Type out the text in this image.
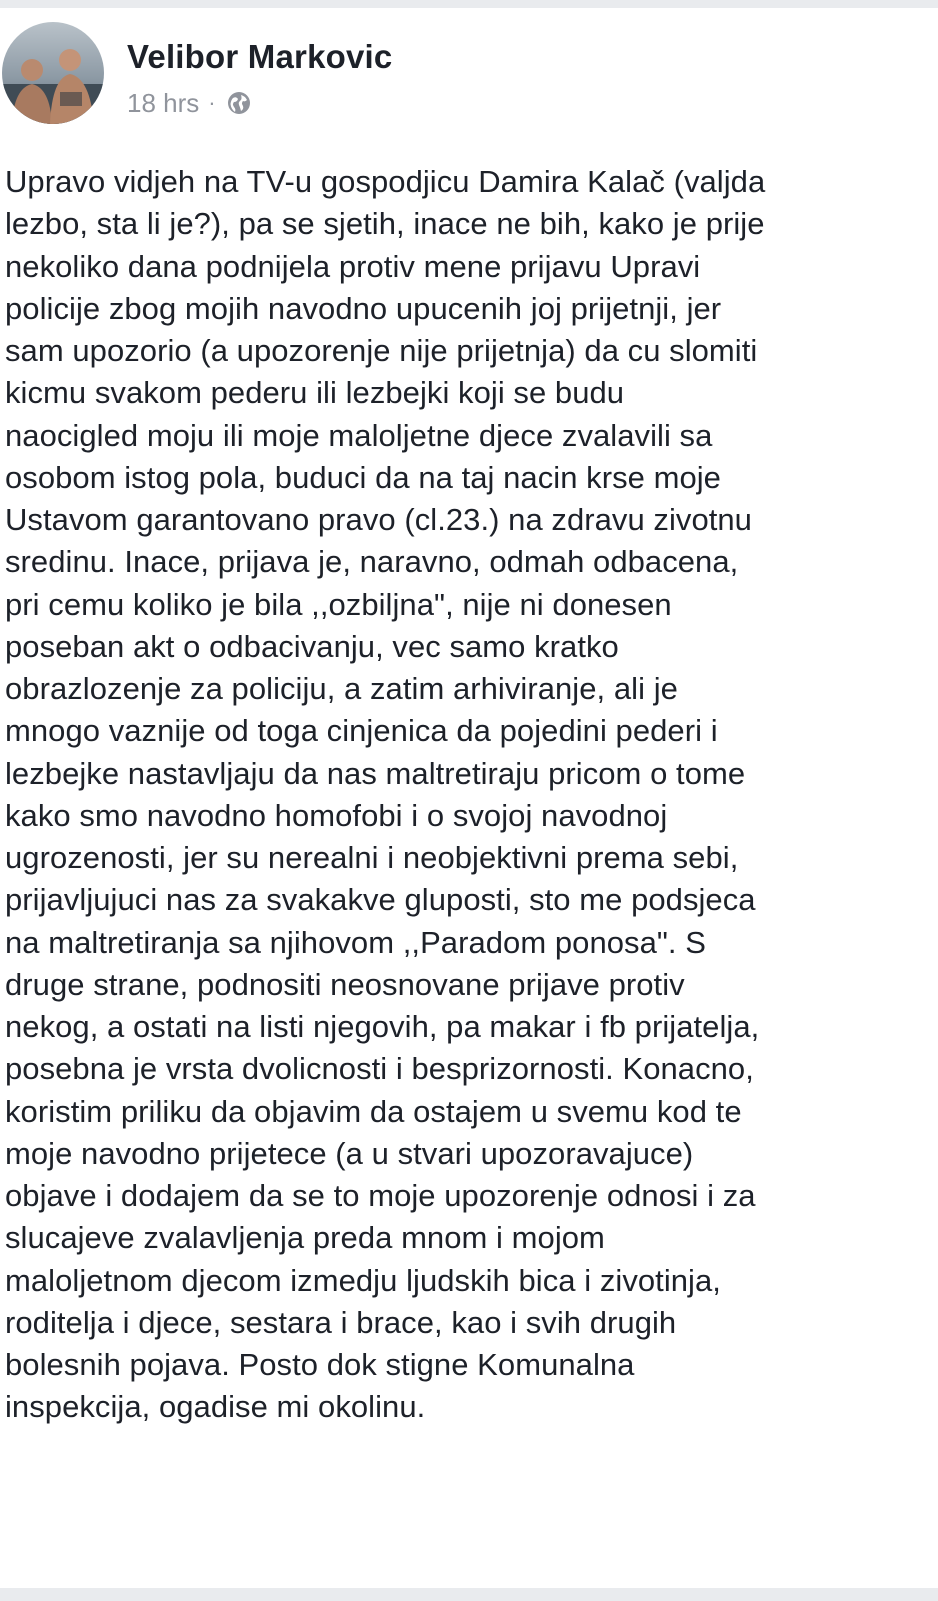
Velibor Markovic
18 hrs ·

Upravo vidjeh na TV-u gospodjicu Damira Kalač (valjda
lezbo, sta li je?), pa se sjetih, inace ne bih, kako je prije
nekoliko dana podnijela protiv mene prijavu Upravi
policije zbog mojih navodno upucenih joj prijetnji, jer
sam upozorio (a upozorenje nije prijetnja) da cu slomiti
kicmu svakom pederu ili lezbejki koji se budu
naocigled moju ili moje maloljetne djece zvalavili sa
osobom istog pola, buduci da na taj nacin krse moje
Ustavom garantovano pravo (cl.23.) na zdravu zivotnu
sredinu. Inace, prijava je, naravno, odmah odbacena,
pri cemu koliko je bila ,,ozbiljna", nije ni donesen
poseban akt o odbacivanju, vec samo kratko
obrazlozenje za policiju, a zatim arhiviranje, ali je
mnogo vaznije od toga cinjenica da pojedini pederi i
lezbejke nastavljaju da nas maltretiraju pricom o tome
kako smo navodno homofobi i o svojoj navodnoj
ugrozenosti, jer su nerealni i neobjektivni prema sebi,
prijavljujuci nas za svakakve gluposti, sto me podsjeca
na maltretiranja sa njihovom ,,Paradom ponosa". S
druge strane, podnositi neosnovane prijave protiv
nekog, a ostati na listi njegovih, pa makar i fb prijatelja,
posebna je vrsta dvolicnosti i besprizornosti. Konacno,
koristim priliku da objavim da ostajem u svemu kod te
moje navodno prijetece (a u stvari upozoravajuce)
objave i dodajem da se to moje upozorenje odnosi i za
slucajeve zvalavljenja preda mnom i mojom
maloljetnom djecom izmedju ljudskih bica i zivotinja,
roditelja i djece, sestara i brace, kao i svih drugih
bolesnih pojava. Posto dok stigne Komunalna
inspekcija, ogadise mi okolinu.
